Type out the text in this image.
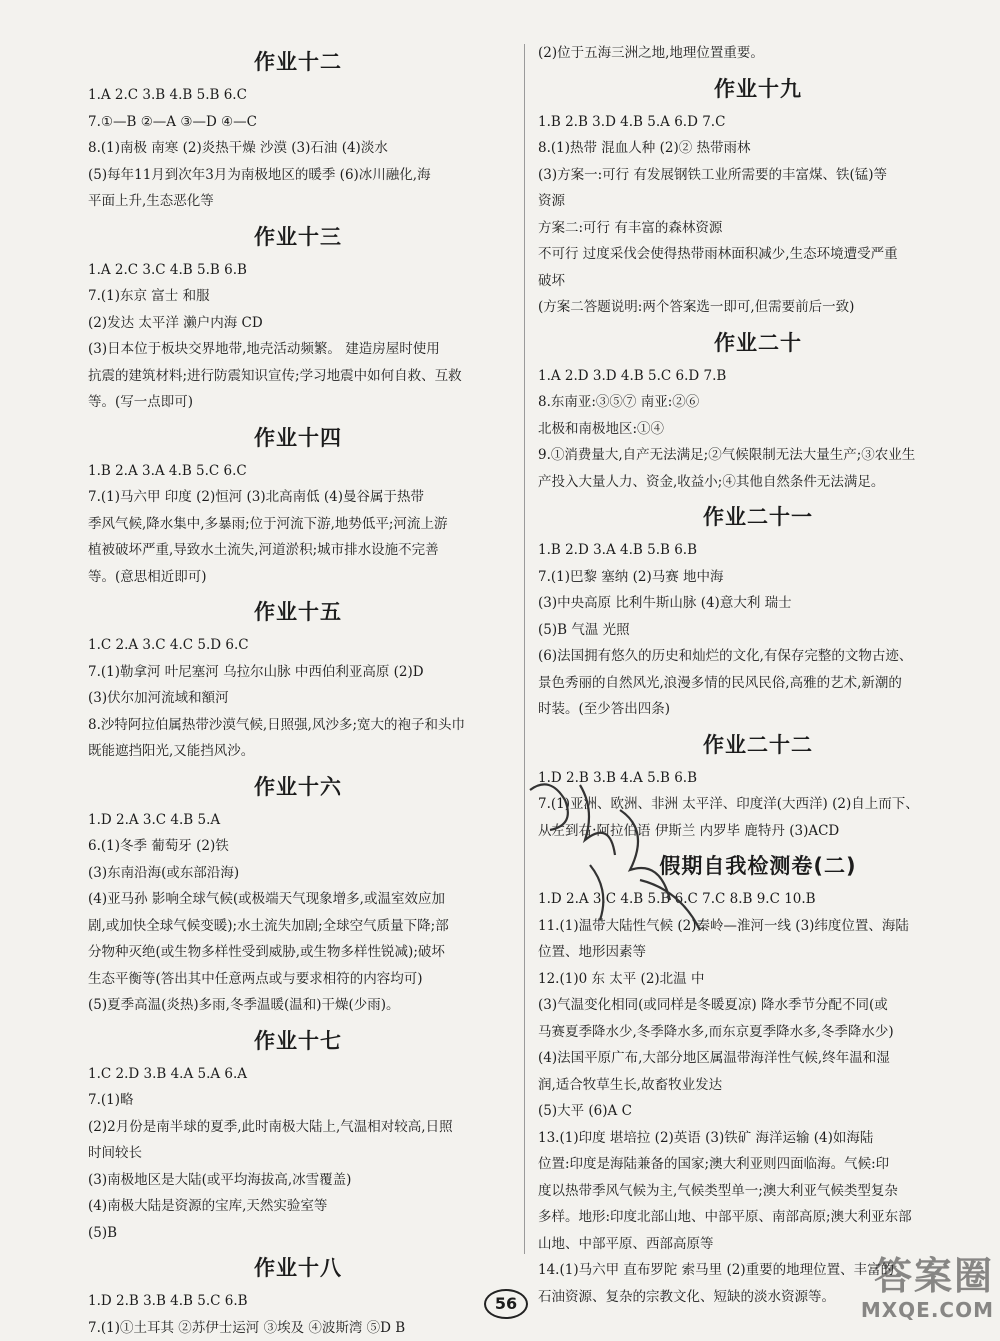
作业十二
1.A 2.C 3.B 4.B 5.B 6.C
7.①—B ②—A ③—D ④—C
8.(1)南极 南寒 (2)炎热干燥 沙漠 (3)石油 (4)淡水
(5)每年11月到次年3月为南极地区的暖季 (6)冰川融化,海
平面上升,生态恶化等
作业十三
1.A 2.C 3.C 4.B 5.B 6.B
7.(1)东京 富士 和服
(2)发达 太平洋 濑户内海 CD
(3)日本位于板块交界地带,地壳活动频繁。 建造房屋时使用
抗震的建筑材料;进行防震知识宣传;学习地震中如何自救、互救
等。(写一点即可)
作业十四
1.B 2.A 3.A 4.B 5.C 6.C
7.(1)马六甲 印度 (2)恒河 (3)北高南低 (4)曼谷属于热带
季风气候,降水集中,多暴雨;位于河流下游,地势低平;河流上游
植被破坏严重,导致水土流失,河道淤积;城市排水设施不完善
等。(意思相近即可)
作业十五
1.C 2.A 3.C 4.C 5.D 6.C
7.(1)勒拿河 叶尼塞河 乌拉尔山脉 中西伯利亚高原 (2)D
(3)伏尔加河流域和額河
8.沙特阿拉伯属热带沙漠气候,日照强,风沙多;宽大的袍子和头巾
既能遮挡阳光,又能挡风沙。
作业十六
1.D 2.A 3.C 4.B 5.A
6.(1)冬季 葡萄牙 (2)铁
(3)东南沿海(或东部沿海)
(4)亚马孙 影响全球气候(或极端天气现象增多,或温室效应加
剧,或加快全球气候变暖);水土流失加剧;全球空气质量下降;部
分物种灭绝(或生物多样性受到威胁,或生物多样性锐减);破坏
生态平衡等(答出其中任意两点或与要求相符的内容均可)
(5)夏季高温(炎热)多雨,冬季温暖(温和)干燥(少雨)。
作业十七
1.C 2.D 3.B 4.A 5.A 6.A
7.(1)略
(2)2月份是南半球的夏季,此时南极大陆上,气温相对较高,日照
时间较长
(3)南极地区是大陆(或平均海拔高,冰雪覆盖)
(4)南极大陆是资源的宝库,天然实验室等
(5)B
作业十八
1.D 2.B 3.B 4.B 5.C 6.B
7.(1)①土耳其 ②苏伊士运河 ③埃及 ④波斯湾 ⑤D B
(2)位于五海三洲之地,地理位置重要。
作业十九
1.B 2.B 3.D 4.B 5.A 6.D 7.C
8.(1)热带 混血人种 (2)② 热带雨林
(3)方案一:可行 有发展钢铁工业所需要的丰富煤、铁(锰)等
资源
方案二:可行 有丰富的森林资源
不可行 过度采伐会使得热带雨林面积减少,生态环境遭受严重
破坏
(方案二答题说明:两个答案选一即可,但需要前后一致)
作业二十
1.A 2.D 3.D 4.B 5.C 6.D 7.B
8.东南亚:③⑤⑦ 南亚:②⑥
北极和南极地区:①④
9.①消费量大,自产无法满足;②气候限制无法大量生产;③农业生
产投入大量人力、资金,收益小;④其他自然条件无法满足。
作业二十一
1.B 2.D 3.A 4.B 5.B 6.B
7.(1)巴黎 塞纳 (2)马赛 地中海
(3)中央高原 比利牛斯山脉 (4)意大利 瑞士
(5)B 气温 光照
(6)法国拥有悠久的历史和灿烂的文化,有保存完整的文物古迹、
景色秀丽的自然风光,浪漫多情的民风民俗,高雅的艺术,新潮的
时装。(至少答出四条)
作业二十二
1.D 2.B 3.B 4.A 5.B 6.B
7.(1)亚洲、欧洲、非洲 太平洋、印度洋(大西洋) (2)自上而下、
从左到右:阿拉伯语 伊斯兰 内罗毕 鹿特丹 (3)ACD
假期自我检测卷(二)
1.D 2.A 3.C 4.B 5.B 6.C 7.C 8.B 9.C 10.B
11.(1)温带大陆性气候 (2)秦岭—淮河一线 (3)纬度位置、海陆
位置、地形因素等
12.(1)0 东 太平 (2)北温 中
(3)气温变化相同(或同样是冬暖夏凉) 降水季节分配不同(或
马赛夏季降水少,冬季降水多,而东京夏季降水多,冬季降水少)
(4)法国平原广布,大部分地区属温带海洋性气候,终年温和湿
润,适合牧草生长,故畜牧业发达
(5)大平 (6)A C
13.(1)印度 堪培拉 (2)英语 (3)铁矿 海洋运输 (4)如海陆
位置:印度是海陆兼备的国家;澳大利亚则四面临海。气候:印
度以热带季风气候为主,气候类型单一;澳大利亚气候类型复杂
多样。地形:印度北部山地、中部平原、南部高原;澳大利亚东部
山地、中部平原、西部高原等
14.(1)马六甲 直布罗陀 索马里 (2)重要的地理位置、丰富的
石油资源、复杂的宗教文化、短缺的淡水资源等。
56
答案圈
MXQE.COM
